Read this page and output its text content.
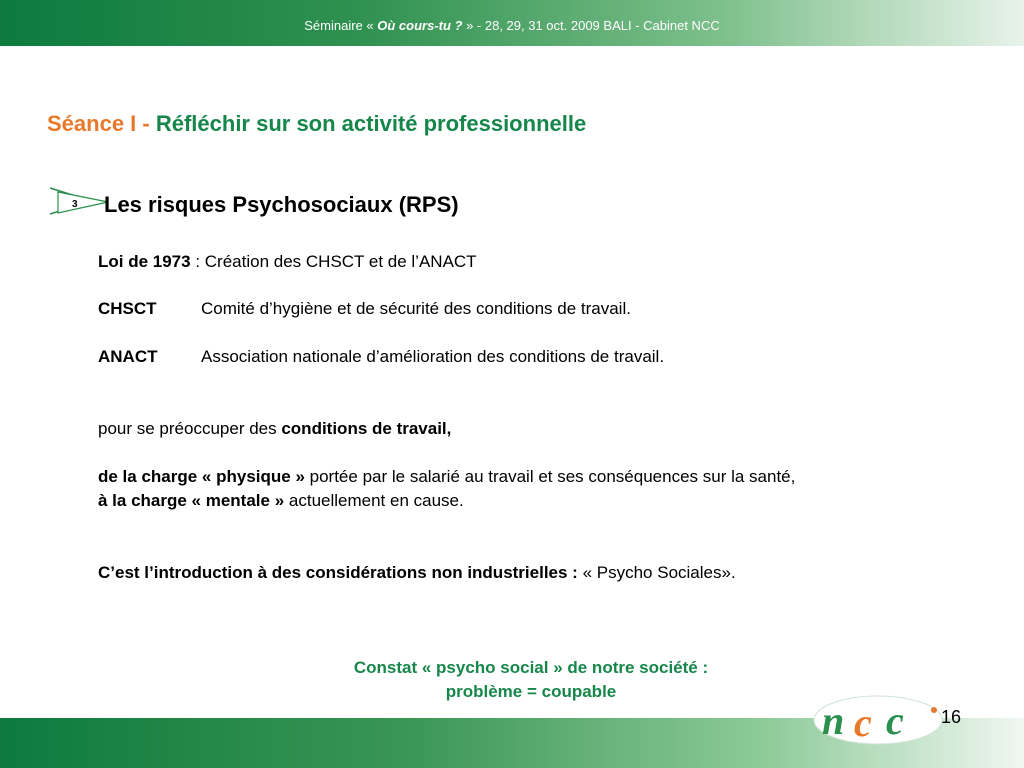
Séminaire « Où cours-tu ? » - 28, 29, 31 oct. 2009 BALI - Cabinet NCC
Séance I - Réfléchir sur son activité professionnelle
3 Les risques Psychosociaux (RPS)
Loi de 1973 : Création des CHSCT et de l’ANACT
CHSCT	Comité d’hygiène et de sécurité des conditions de travail.
ANACT	Association nationale d’amélioration des conditions de travail.
pour se préoccuper des conditions de travail,
de la charge « physique » portée par le salarié au travail et ses conséquences sur la santé,
à la charge « mentale » actuellement en cause.
C’est l’introduction à des considérations non industrielles : « Psycho Sociales».
Constat « psycho social » de notre société :
problème = coupable
n c c 16
